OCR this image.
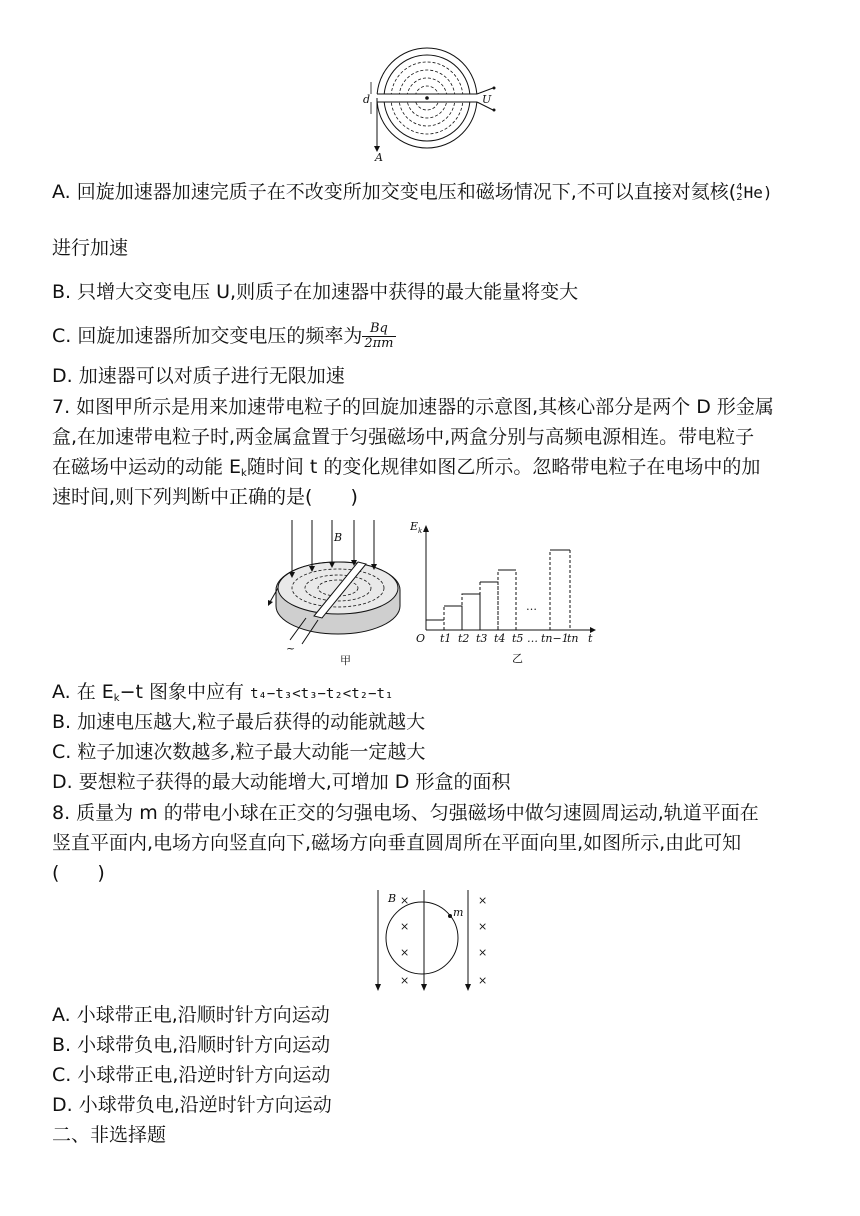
d	U
A
A. 回旋加速器加速完质子在不改变所加交变电压和磁场情况下,不可以直接对氦核( 4
2 He)
进行加速
B. 只增大交变电压 U,则质子在加速器中获得的最大能量将变大
C. 回旋加速器所加交变电压的频率为 $\frac{Bq}{2\pi m}$
D. 加速器可以对质子进行无限加速
7. 如图甲所示是用来加速带电粒子的回旋加速器的示意图,其核心部分是两个 D 形金属
盒,在加速带电粒子时,两金属盒置于匀强磁场中,两盒分别与高频电源相连。带电粒子
在磁场中运动的动能 $E_k$随时间 t 的变化规律如图乙所示。忽略带电粒子在电场中的加
速时间,则下列判断中正确的是(　　)
B
~
甲
…
$E_k$
t
O t1 t2 t3 t4 t5 … tn−1
tn
乙
A. 在 $E_k-t$ 图象中应有 t₄−t₃<t₃−t₂<t₂−t₁
B. 加速电压越大,粒子最后获得的动能就越大
C. 粒子加速次数越多,粒子最大动能一定越大
D. 要想粒子获得的最大动能增大,可增加 D 形盒的面积
8. 质量为 m 的带电小球在正交的匀强电场、匀强磁场中做匀速圆周运动,轨道平面在
竖直平面内,电场方向竖直向下,磁场方向垂直圆周所在平面向里,如图所示,由此可知
(　　)
B
m
×	×
×	×
×	×
×	×
A. 小球带正电,沿顺时针方向运动
B. 小球带负电,沿顺时针方向运动
C. 小球带正电,沿逆时针方向运动
D. 小球带负电,沿逆时针方向运动
二、非选择题
